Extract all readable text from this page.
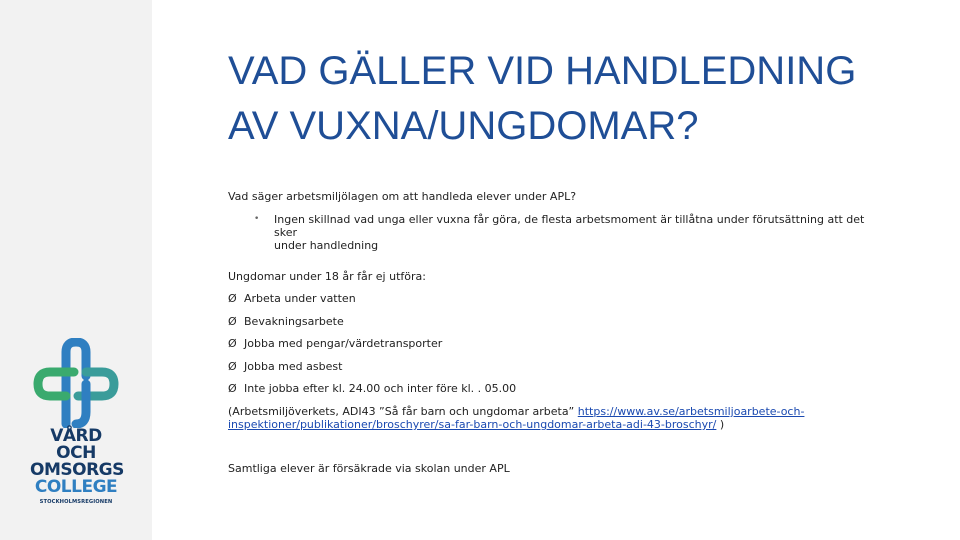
VÅRD OCH
OMSORGS
COLLEGE
STOCKHOLMSREGIONEN
VAD GÄLLER VID HANDLEDNING
AV VUXNA/UNGDOMAR?
Vad säger arbetsmiljölagen om att handleda elever under APL?
• Ingen skillnad vad unga eller vuxna får göra, de flesta arbetsmoment är tillåtna under förutsättning att det sker
under handledning
Ungdomar under 18 år får ej utföra:
Ø Arbeta under vatten
Ø Bevakningsarbete
Ø Jobba med pengar/värdetransporter
Ø Jobba med asbest
Ø Inte jobba efter kl. 24.00 och inter före kl. . 05.00
(Arbetsmiljöverkets, ADI43 ”Så får barn och ungdomar arbeta” https://www.av.se/arbetsmiljoarbete-och-
inspektioner/publikationer/broschyrer/sa-far-barn-och-ungdomar-arbeta-adi-43-broschyr/ )
Samtliga elever är försäkrade via skolan under APL
